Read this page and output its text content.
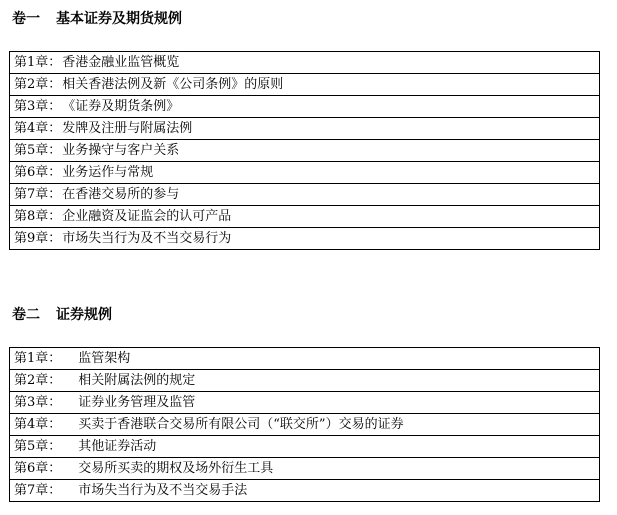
卷一 基本证券及期货规例
第1章：香港金融业监管概览
第2章：相关香港法例及新《公司条例》的原则
第3章：《证券及期货条例》
第4章：发牌及注册与附属法例
第5章：业务操守与客户关系
第6章：业务运作与常规
第7章：在香港交易所的参与
第8章：企业融资及证监会的认可产品
第9章：市场失当行为及不当交易行为
卷二 证券规例
第1章： 监管架构
第2章： 相关附属法例的规定
第3章： 证券业务管理及监管
第4章： 买卖于香港联合交易所有限公司（“联交所”）交易的证券
第5章： 其他证券活动
第6章： 交易所买卖的期权及场外衍生工具
第7章： 市场失当行为及不当交易手法
